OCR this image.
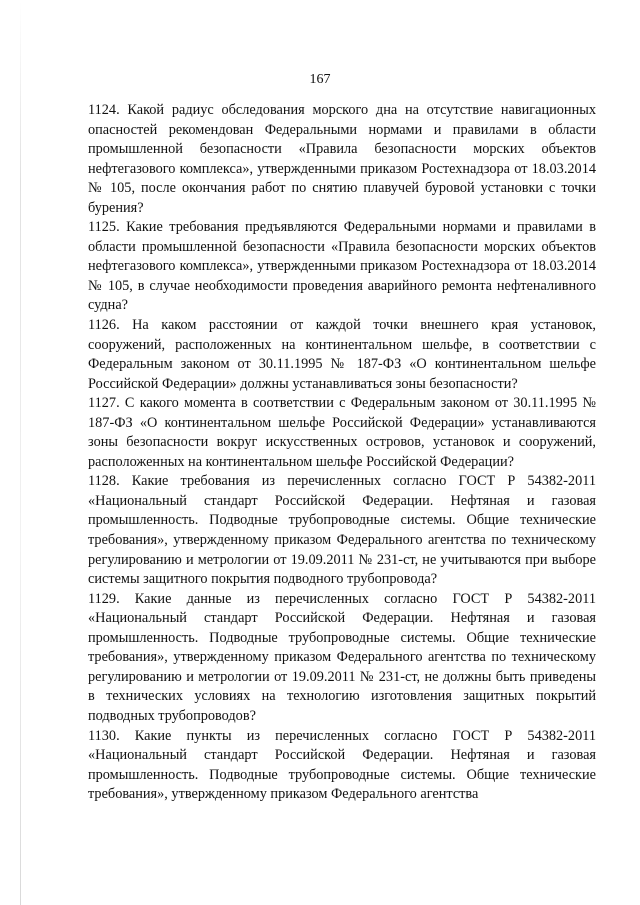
167

1124. Какой радиус обследования морского дна на отсутствие навигационных опасностей рекомендован Федеральными нормами и правилами в области промышленной безопасности «Правила безопасности морских объектов нефтегазового комплекса», утвержденными приказом Ростехнадзора от 18.03.2014 № 105, после окончания работ по снятию плавучей буровой установки с точки бурения?

1125. Какие требования предъявляются Федеральными нормами и правилами в области промышленной безопасности «Правила безопасности морских объектов нефтегазового комплекса», утвержденными приказом Ростехнадзора от 18.03.2014 № 105, в случае необходимости проведения аварийного ремонта нефтеналивного судна?

1126. На каком расстоянии от каждой точки внешнего края установок, сооружений, расположенных на континентальном шельфе, в соответствии с Федеральным законом от 30.11.1995 № 187-ФЗ «О континентальном шельфе Российской Федерации» должны устанавливаться зоны безопасности?

1127. С какого момента в соответствии с Федеральным законом от 30.11.1995 № 187-ФЗ «О континентальном шельфе Российской Федерации» устанавливаются зоны безопасности вокруг искусственных островов, установок и сооружений, расположенных на континентальном шельфе Российской Федерации?

1128. Какие требования из перечисленных согласно ГОСТ Р 54382-2011 «Национальный стандарт Российской Федерации. Нефтяная и газовая промышленность. Подводные трубопроводные системы. Общие технические требования», утвержденному приказом Федерального агентства по техническому регулированию и метрологии от 19.09.2011 № 231-ст, не учитываются при выборе системы защитного покрытия подводного трубопровода?

1129. Какие данные из перечисленных согласно ГОСТ Р 54382-2011 «Национальный стандарт Российской Федерации. Нефтяная и газовая промышленность. Подводные трубопроводные системы. Общие технические требования», утвержденному приказом Федерального агентства по техническому регулированию и метрологии от 19.09.2011 № 231-ст, не должны быть приведены в технических условиях на технологию изготовления защитных покрытий подводных трубопроводов?

1130. Какие пункты из перечисленных согласно ГОСТ Р 54382-2011 «Национальный стандарт Российской Федерации. Нефтяная и газовая промышленность. Подводные трубопроводные системы. Общие технические требования», утвержденному приказом Федерального агентства
